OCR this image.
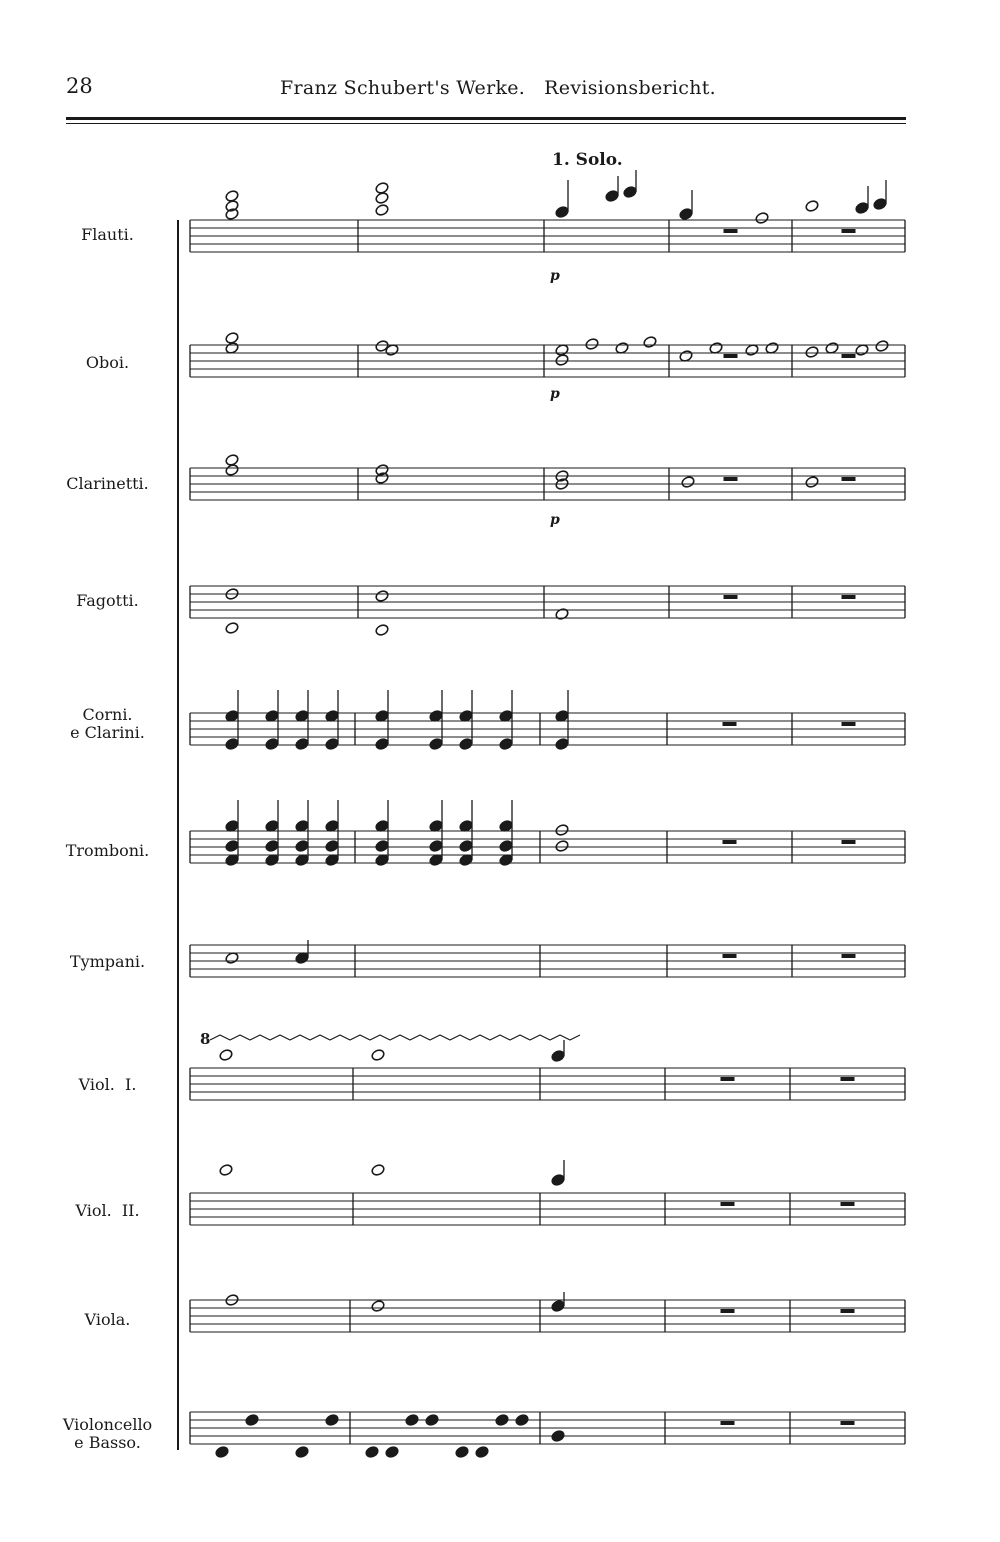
28	Franz Schubert's Werke.   Revisionsbericht.
Flauti.
Oboi.
Clarinetti.
Fagotti.
Corni.
e Clarini.
Tromboni.
Tympani.
Viol.  I.
Viol.  II.
Viola.
Violoncello
e Basso.
1. Solo.
p
p
p
8
